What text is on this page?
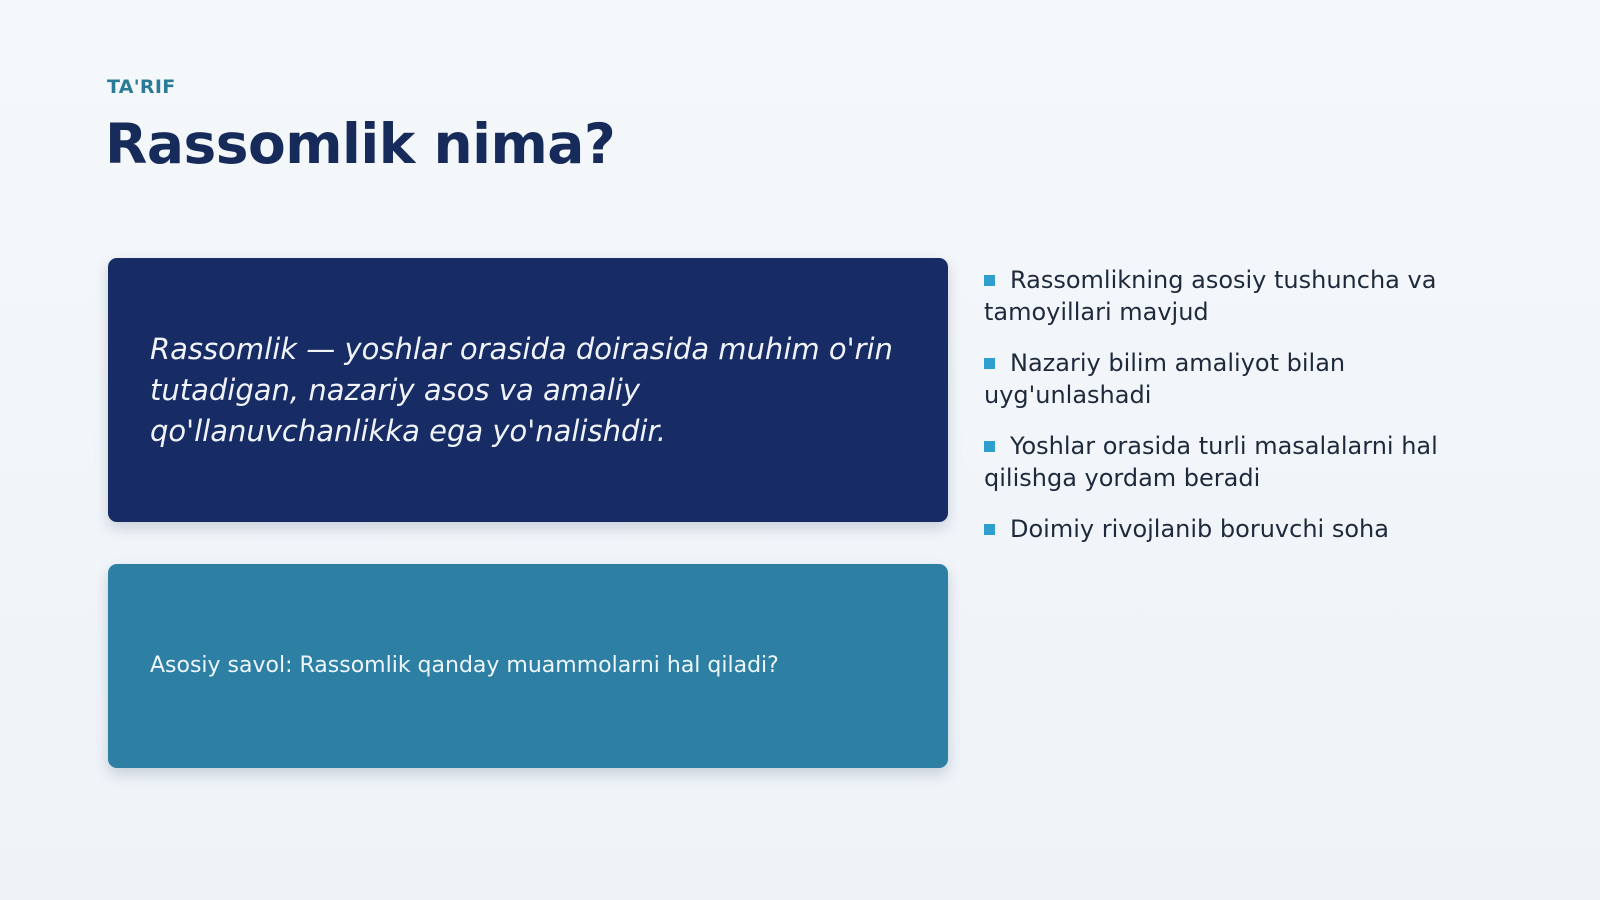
TA'RIF
Rassomlik nima?
Rassomlik — yoshlar orasida doirasida muhim o'rin tutadigan, nazariy asos va amaliy qo'llanuvchanlikka ega yo'nalishdir.
Asosiy savol: Rassomlik qanday muammolarni hal qiladi?
Rassomlikning asosiy tushuncha va tamoyillari mavjud
Nazariy bilim amaliyot bilan uyg'unlashadi
Yoshlar orasida turli masalalarni hal qilishga yordam beradi
Doimiy rivojlanib boruvchi soha
